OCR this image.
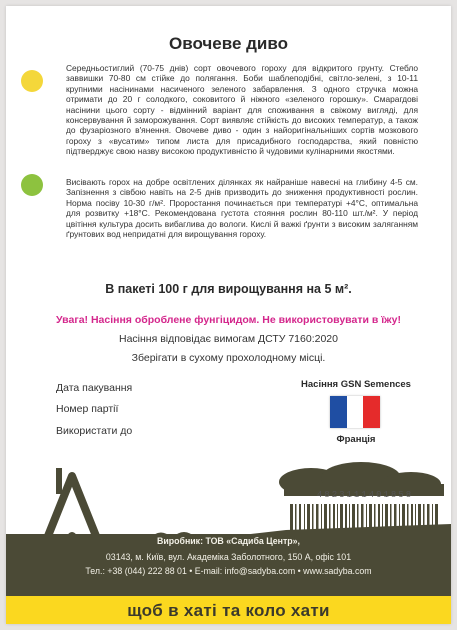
Овочеве диво

Середньостиглий (70-75 днів) сорт овочевого гороху для відкритого грунту. Стебло заввишки 70-80 см стійке до полягання. Боби шаблеподібні, світло-зелені, з 10-11 крупними насінинами насиченого зеленого забарвлення. З одного стручка можна отримати до 20 г солодкого, соковитого й ніжного «зеленого горошку». Смарагдові насінини цього сорту - відмінний варіант для споживання в свіжому вигляді, для консервування й заморожування. Сорт виявляє стійкість до високих температур, а також до фузаріозного в'янення. Овочеве диво - один з найоригінальніших сортів мозкового гороху з «вусатим» типом листа для присадибного господарства, який повністю підтверджує свою назву високою продуктивністю й чудовими кулінарними якостями.

Висівають горох на добре освітлених ділянках як найраніше навесні на глибину 4-5 см. Запізнення з сівбою навіть на 2-5 днів призводить до зниження продуктивності рослин. Норма посіву 10-30 г/м². Проростання починається при температурі +4°С, оптимальна для розвитку +18°С. Рекомендована густота стояння рослин 80-110 шт./м². У період цвітіння культура досить вибаглива до вологи. Кислі й важкі ґрунти з високим заляганням ґрунтових вод непридатні для вирощування гороху.

В пакеті 100 г для вирощування на 5 м².
Увага! Насіння оброблене фунгіцидом. Не використовувати в їжу!
Насіння відповідає вимогам ДСТУ 7160:2020
Зберігати в сухому прохолодному місці.
Дата пакування
Номер партії
Використати до
Насіння GSN Semences
Франція
4823111401858
Виробник: ТОВ «Садиба Центр»,
03143, м. Київ, вул. Академіка Заболотного, 150 А, офіс 101
Тел.: +38 (044) 222 88 01 • E-mail: info@sadyba.com • www.sadyba.com
щоб в хаті та коло хати
